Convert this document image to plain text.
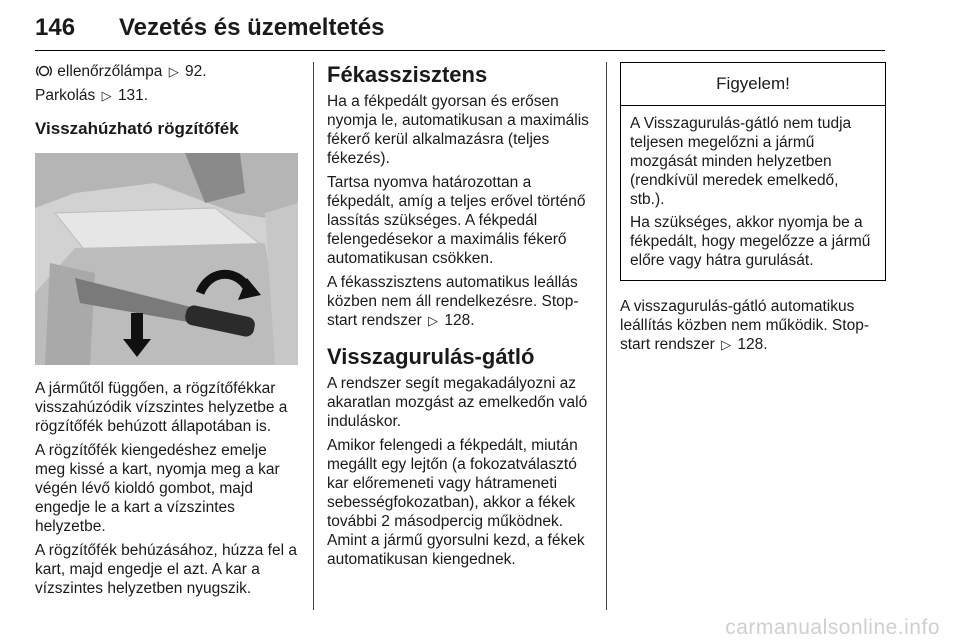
146 Vezetés és üzemeltetés

ellenőrzőlámpa ▷ 92.

Parkolás ▷ 131.

Visszahúzható rögzítőfék

A járműtől függően, a rögzítőfékkar visszahúzódik vízszintes helyzetbe a rögzítőfék behúzott állapotában is.

A rögzítőfék kiengedéshez emelje meg kissé a kart, nyomja meg a kar végén lévő kioldó gombot, majd engedje le a kart a vízszintes helyzetbe.

A rögzítőfék behúzásához, húzza fel a kart, majd engedje el azt. A kar a vízszintes helyzetben nyugszik.

Fékasszisztens

Ha a fékpedált gyorsan és erősen nyomja le, automatikusan a maximális fékerő kerül alkalmazásra (teljes fékezés).

Tartsa nyomva határozottan a fékpedált, amíg a teljes erővel történő lassítás szükséges. A fékpedál felengedésekor a maximális fékerő automatikusan csökken.

A fékasszisztens automatikus leállás közben nem áll rendelkezésre. Stop-start rendszer ▷ 128.

Visszagurulás-gátló

A rendszer segít megakadályozni az akaratlan mozgást az emelkedőn való induláskor.

Amikor felengedi a fékpedált, miután megállt egy lejtőn (a fokozatválasztó kar előremeneti vagy hátrameneti sebességfokozatban), akkor a fékek további 2 másodpercig működnek. Amint a jármű gyorsulni kezd, a fékek automatikusan kiengednek.

Figyelem!

A Visszagurulás-gátló nem tudja teljesen megelőzni a jármű mozgását minden helyzetben (rendkívül meredek emelkedő, stb.).

Ha szükséges, akkor nyomja be a fékpedált, hogy megelőzze a jármű előre vagy hátra gurulását.

A visszagurulás-gátló automatikus leállítás közben nem működik. Stop-start rendszer ▷ 128.

carmanualsonline.info
